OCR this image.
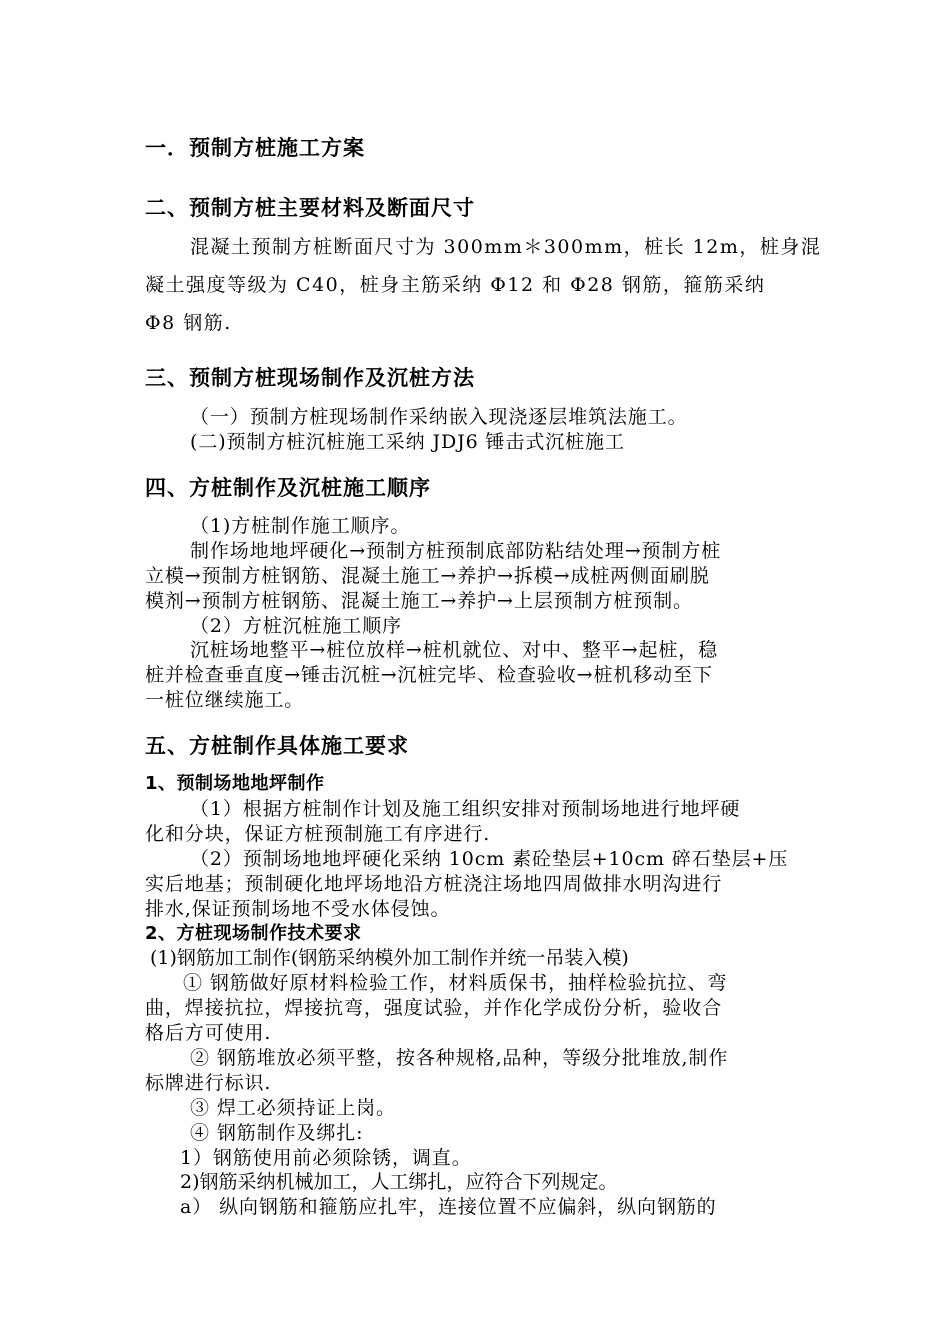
一．预制方桩施工方案
二、预制方桩主要材料及断面尺寸
混凝土预制方桩断面尺寸为 300mm＊300mm，桩长 12m，桩身混
凝土强度等级为 C40，桩身主筋采纳 Φ12 和 Φ28 钢筋，箍筋采纳
Φ8 钢筋.
三、预制方桩现场制作及沉桩方法
（一）预制方桩现场制作采纳嵌入现浇逐层堆筑法施工。
(二)预制方桩沉桩施工采纳 JDJ6 锤击式沉桩施工
四、方桩制作及沉桩施工顺序
（1)方桩制作施工顺序。
制作场地地坪硬化→预制方桩预制底部防粘结处理→预制方桩
立模→预制方桩钢筋、混凝土施工→养护→拆模→成桩两侧面刷脱
模剂→预制方桩钢筋、混凝土施工→养护→上层预制方桩预制。
（2）方桩沉桩施工顺序
沉桩场地整平→桩位放样→桩机就位、对中、整平→起桩，稳
桩并检查垂直度→锤击沉桩→沉桩完毕、检查验收→桩机移动至下
一桩位继续施工。
五、方桩制作具体施工要求
1、预制场地地坪制作
（1）根据方桩制作计划及施工组织安排对预制场地进行地坪硬
化和分块，保证方桩预制施工有序进行.
（2）预制场地地坪硬化采纳 10cm 素砼垫层+10cm 碎石垫层+压
实后地基；预制硬化地坪场地沿方桩浇注场地四周做排水明沟进行
排水,保证预制场地不受水体侵蚀。
2、方桩现场制作技术要求
(1)钢筋加工制作(钢筋采纳模外加工制作并统一吊装入模)
① 钢筋做好原材料检验工作，材料质保书，抽样检验抗拉、弯
曲，焊接抗拉，焊接抗弯，强度试验，并作化学成份分析，验收合
格后方可使用.
② 钢筋堆放必须平整，按各种规格,品种，等级分批堆放,制作
标牌进行标识.
③ 焊工必须持证上岗。
④ 钢筋制作及绑扎:
1）钢筋使用前必须除锈，调直。
2)钢筋采纳机械加工，人工绑扎，应符合下列规定。
a） 纵向钢筋和箍筋应扎牢，连接位置不应偏斜，纵向钢筋的
